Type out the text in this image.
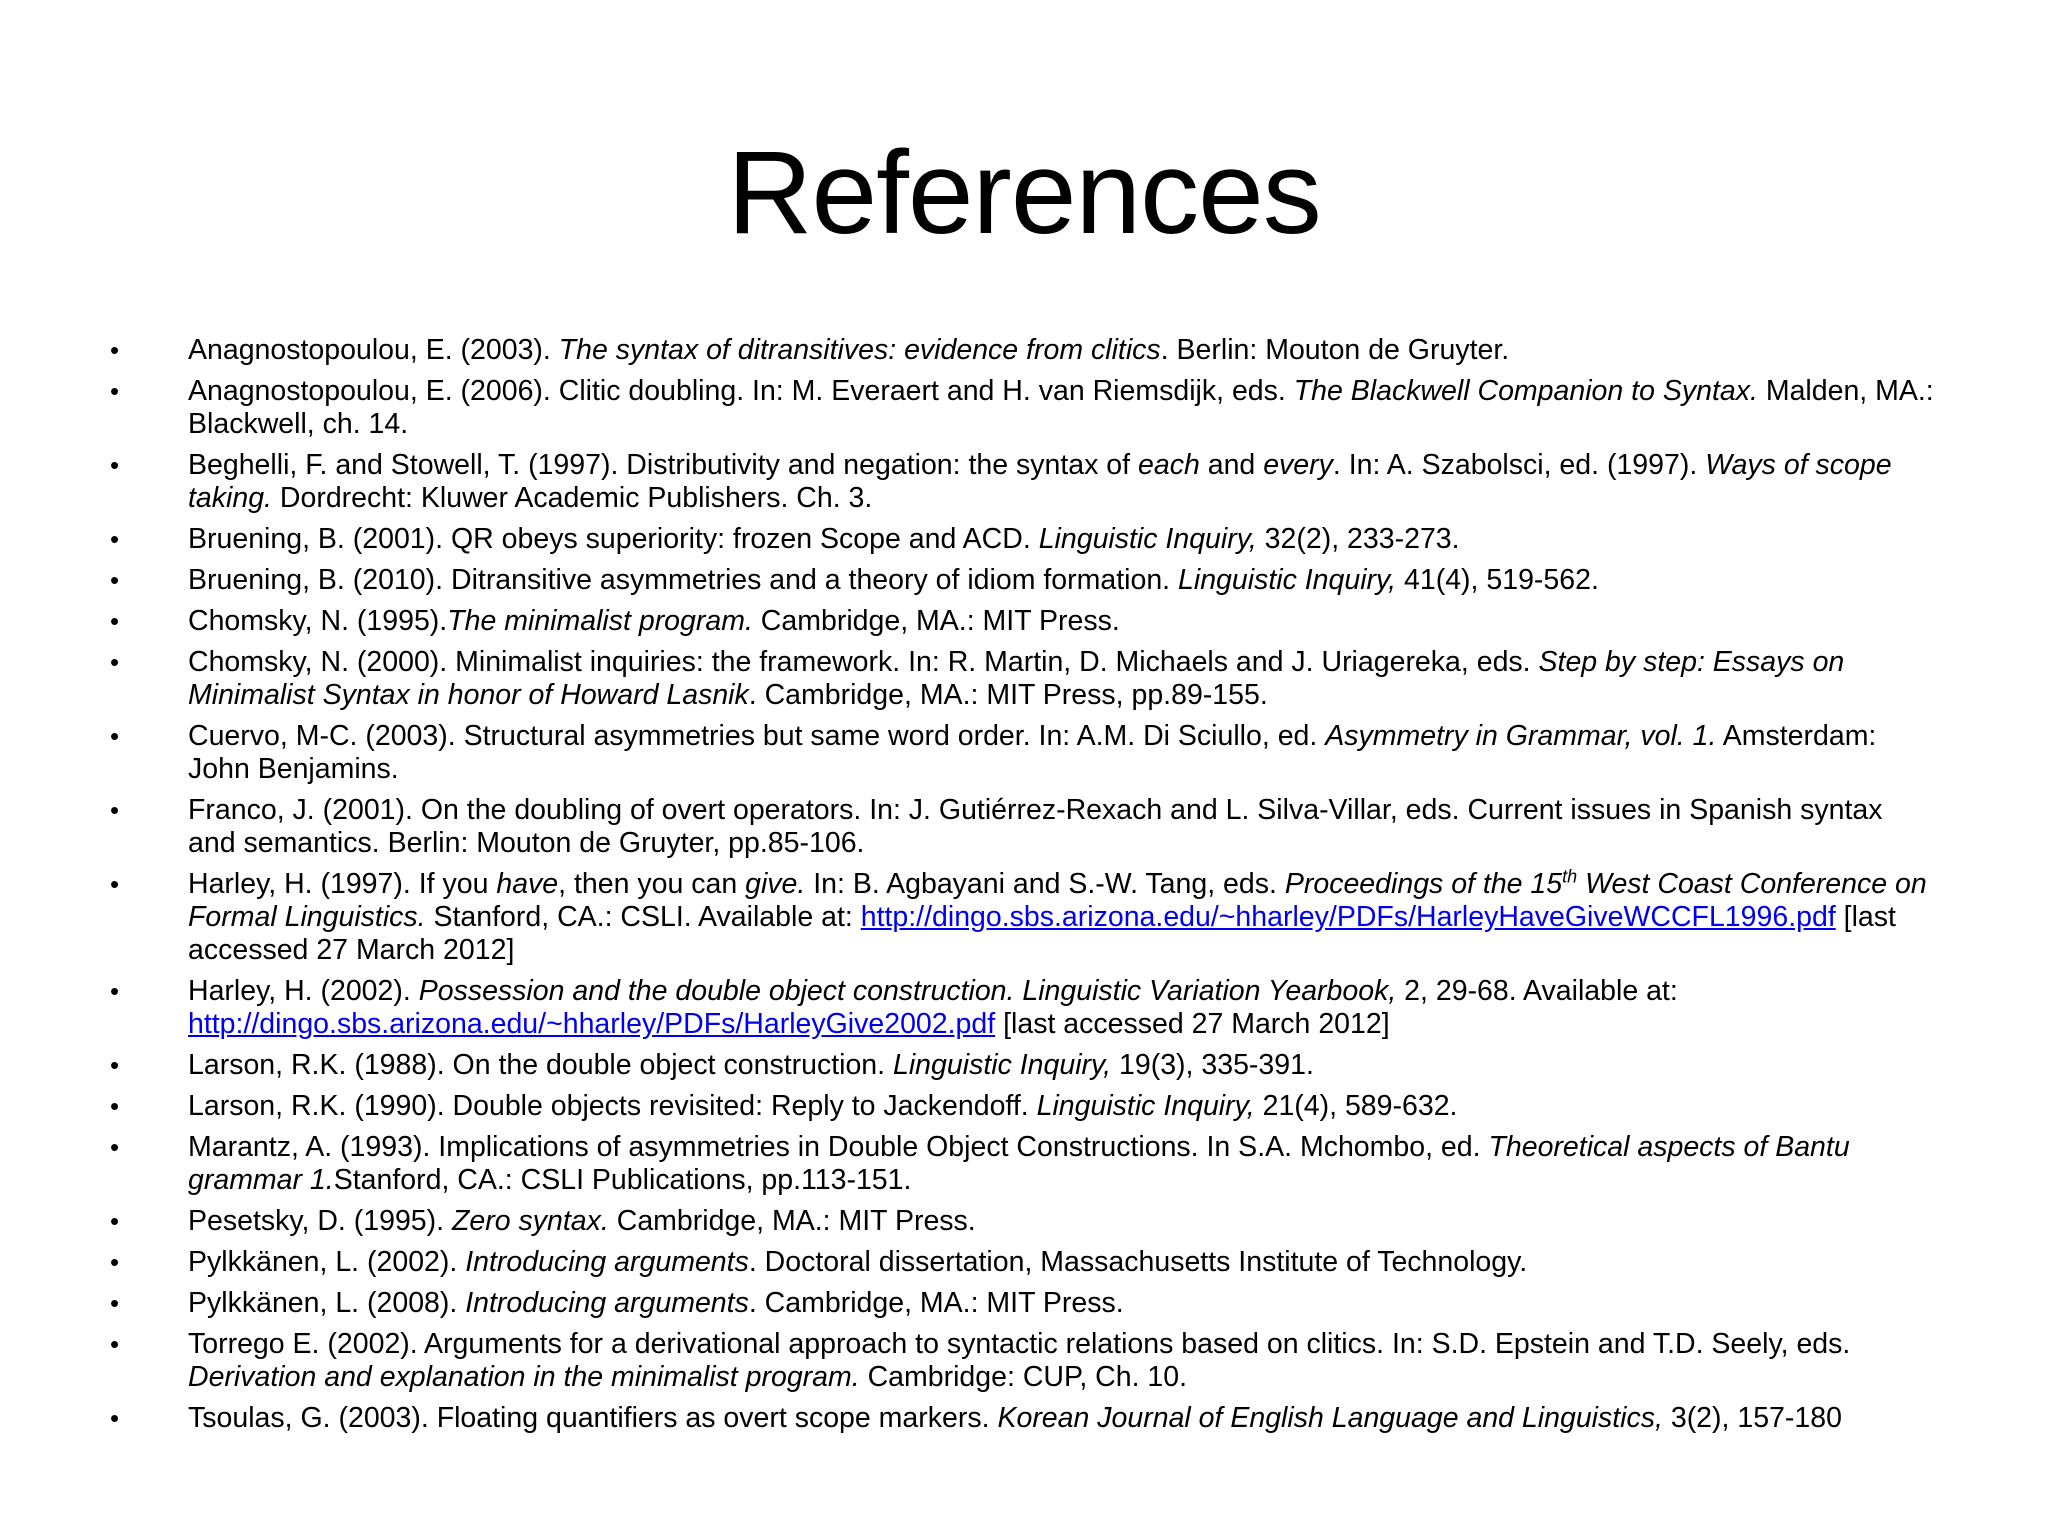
References
• Anagnostopoulou, E. (2003). The syntax of ditransitives: evidence from clitics. Berlin: Mouton de Gruyter.
• Anagnostopoulou, E. (2006). Clitic doubling. In: M. Everaert and H. van Riemsdijk, eds. The Blackwell Companion to Syntax. Malden, MA.: Blackwell, ch. 14.
• Beghelli, F. and Stowell, T. (1997). Distributivity and negation: the syntax of each and every. In: A. Szabolsci, ed. (1997). Ways of scope taking. Dordrecht: Kluwer Academic Publishers. Ch. 3.
• Bruening, B. (2001). QR obeys superiority: frozen Scope and ACD. Linguistic Inquiry, 32(2), 233-273.
• Bruening, B. (2010). Ditransitive asymmetries and a theory of idiom formation. Linguistic Inquiry, 41(4), 519-562.
• Chomsky, N. (1995).The minimalist program. Cambridge, MA.: MIT Press.
• Chomsky, N. (2000). Minimalist inquiries: the framework. In: R. Martin, D. Michaels and J. Uriagereka, eds. Step by step: Essays on Minimalist Syntax in honor of Howard Lasnik. Cambridge, MA.: MIT Press, pp.89-155.
• Cuervo, M-C. (2003). Structural asymmetries but same word order. In: A.M. Di Sciullo, ed. Asymmetry in Grammar, vol. 1. Amsterdam: John Benjamins.
• Franco, J. (2001). On the doubling of overt operators. In: J. Gutiérrez-Rexach and L. Silva-Villar, eds. Current issues in Spanish syntax and semantics. Berlin: Mouton de Gruyter, pp.85-106.
• Harley, H. (1997). If you have, then you can give. In: B. Agbayani and S.-W. Tang, eds. Proceedings of the 15th West Coast Conference on Formal Linguistics. Stanford, CA.: CSLI. Available at: http://dingo.sbs.arizona.edu/~hharley/PDFs/HarleyHaveGiveWCCFL1996.pdf [last accessed 27 March 2012]
• Harley, H. (2002). Possession and the double object construction. Linguistic Variation Yearbook, 2, 29-68. Available at: http://dingo.sbs.arizona.edu/~hharley/PDFs/HarleyGive2002.pdf [last accessed 27 March 2012]
• Larson, R.K. (1988). On the double object construction. Linguistic Inquiry, 19(3), 335-391.
• Larson, R.K. (1990). Double objects revisited: Reply to Jackendoff. Linguistic Inquiry, 21(4), 589-632.
• Marantz, A. (1993). Implications of asymmetries in Double Object Constructions. In S.A. Mchombo, ed. Theoretical aspects of Bantu grammar 1.Stanford, CA.: CSLI Publications, pp.113-151.
• Pesetsky, D. (1995). Zero syntax. Cambridge, MA.: MIT Press.
• Pylkkänen, L. (2002). Introducing arguments. Doctoral dissertation, Massachusetts Institute of Technology.
• Pylkkänen, L. (2008). Introducing arguments. Cambridge, MA.: MIT Press.
• Torrego E. (2002). Arguments for a derivational approach to syntactic relations based on clitics. In: S.D. Epstein and T.D. Seely, eds. Derivation and explanation in the minimalist program. Cambridge: CUP, Ch. 10.
• Tsoulas, G. (2003). Floating quantifiers as overt scope markers. Korean Journal of English Language and Linguistics, 3(2), 157-180
